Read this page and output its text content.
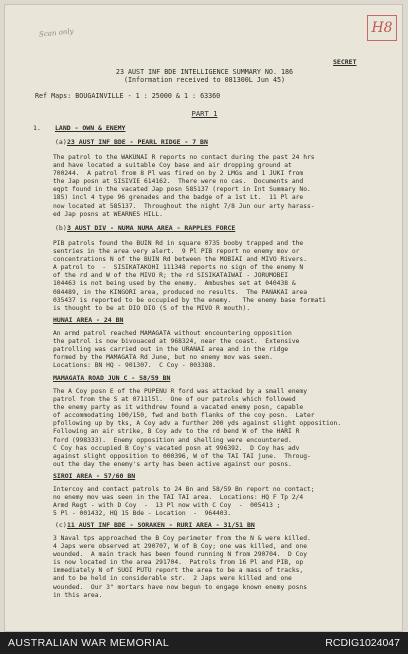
Scan only	H8
SECRET
23 AUST INF BDE INTELLIGENCE SUMMARY NO. 186
(Information received to 081300L Jun 45)
Ref Maps: BOUGAINVILLE - 1 : 25000 & 1 : 63360
PART 1
1. LAND - OWN & ENEMY
(a) 23 AUST INF BDE - PEARL RIDGE - 7 BN
The patrol to the WAKUNAI R reports no contact during the past 24 hrs
and have located a suitable Coy base and air dropping ground at
700244.  A patrol from 8 Pl was fired on by 2 LMGs and 1 JUKI from
the Jap posn at SISIVIE 614162.  There were no cas.  Documents and
eqpt found in the vacated Jap posn 585137 (report in Int Summary No.
185) incl 4 type 96 grenades and the badge of a 1st Lt.  11 Pl are
now located at 585137.  Throughout the night 7/8 Jun our arty harass-
ed Jap posns at WEARNES HILL.
(b) 3 AUST DIV - NUMA NUMA AREA - RAPPLES FORCE
PIB patrols found the BUIN Rd in square 0735 booby trapped and the
sentries in the area very alert.  9 Pl PIB report no enemy mov or
concentrations N of the BUIN Rd between the MOBIAI and MIVO Rivers.
A patrol to  -  SISIKATAKOHI 111348 reports no sign of the enemy N
of the rd and W of the MIVO R; the rd SISIKATAIWAI - JORUMOBEI
104463 is not being used by the enemy.  Ambushes set at 040438 &
084489, in the KINGORI area, produced no results.  The PANAKAI area
035437 is reported to be occupied by the enemy.   The enemy base formati
is thought to be at DIO DIO (S of the MIVO R mouth).
HUNAI AREA - 24 BN
An armd patrol reached MAMAGATA without encountering opposition
the patrol is now bivouaced at 968324, near the coast.  Extensive
patrolling was carried out in the URANAI area and in the ridge
formed by the MAMAGATA Rd June, but no enemy mov was seen.
Locations: BN HQ - 901307.  C Coy - 003388.
MAMAGATA ROAD JUN C - 58/59 BN
The A Coy posn E of the PUPENU R ford was attacked by a small enemy
patrol from the S at 0711l5l.  One of our patrols which followed
the enemy party as it withdrew found a vacated enemy posn, capable
of accommodating 100/150, fwd and both flanks of the coy posn.  Later
pfollowing up by tks, A Coy adv a further 200 yds against slight opposition.
Following an air strike, B Coy adv to the rd bend W of the HARI R
ford (998333).  Enemy opposition and shelling were encountered.
C Coy has occupied B Coy's vacated posn at 996392.  D Coy has adv
against slight opposition to 000396, W of the TAI TAI june.  Throug-
out the day the enemy's arty has been active against our posns.
SIROI AREA - 57/60 BN
Intercoy and contact patrols to 24 Bn and 58/59 Bn report no contact;
no enemy mov was seen in the TAI TAI area.  Locations: HQ F Tp 2/4
Armd Regt - with D Coy  -  13 Pl now with C Coy  -  005413 ;
5 Pl - 001432, HQ 15 Bde - Location  -  964403.
(c) 11 AUST INF BDE - SORAKEN - RURI AREA - 31/51 BN
3 Naval tps approached the B Coy perimeter from the N & were killed.
4 Japs were observed at 290707, W of B Coy; one was killed, and one
wounded.  A main track has been found running N from 290704.  D Coy
is now located in the area 291704.  Patrols from 16 Pl and PIB, op
immediately N of SUOI PUTU report the area to be a mass of tracks,
and to be held in considerable str.  2 Japs were killed and one
wounded.  Our 3" mortars have now begun to engage known enemy posns
in this area.
AUSTRALIAN WAR MEMORIAL	RCDIG1024047
